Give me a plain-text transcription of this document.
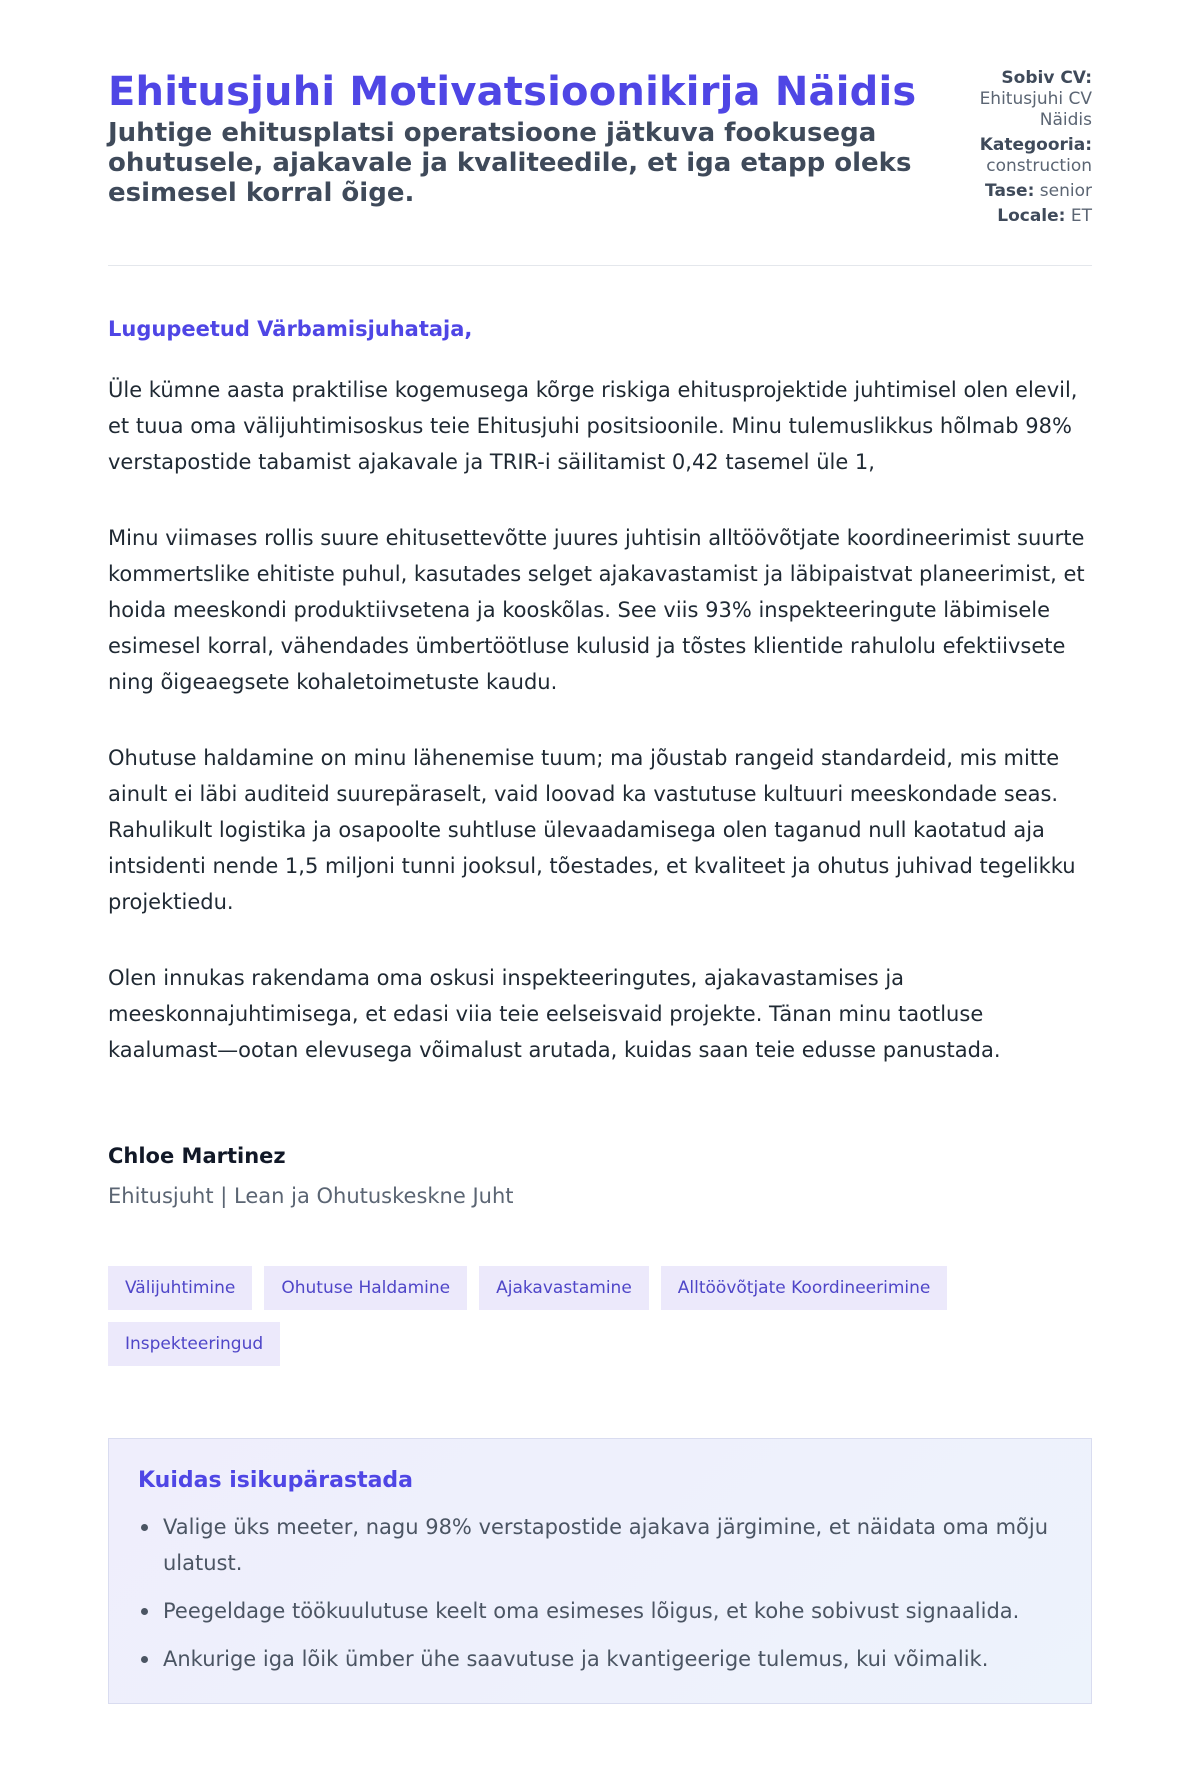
Ehitusjuhi Motivatsioonikirja Näidis

Juhtige ehitusplatsi operatsioone jätkuva fookusega ohutusele, ajakavale ja kvaliteedile, et iga etapp oleks esimesel korral õige.

Sobiv CV:
Ehitusjuhi CV Näidis
Kategooria:
construction
Tase: senior
Locale: ET

Lugupeetud Värbamisjuhataja,

Üle kümne aasta praktilise kogemusega kõrge riskiga ehitusprojektide juhtimisel olen elevil, et tuua oma välijuhtimisoskus teie Ehitusjuhi positsioonile. Minu tulemuslikkus hõlmab 98% verstapostide tabamist ajakavale ja TRIR-i säilitamist 0,42 tasemel üle 1,

Minu viimases rollis suure ehitusettevõtte juures juhtisin alltöövõtjate koordineerimist suurte kommertslike ehitiste puhul, kasutades selget ajakavastamist ja läbipaistvat planeerimist, et hoida meeskondi produktiivsetena ja kooskõlas. See viis 93% inspekteeringute läbimisele esimesel korral, vähendades ümbertöötluse kulusid ja tõstes klientide rahulolu efektiivsete ning õigeaegsete kohaletoimetuste kaudu.

Ohutuse haldamine on minu lähenemise tuum; ma jõustab rangeid standardeid, mis mitte ainult ei läbi auditeid suurepäraselt, vaid loovad ka vastutuse kultuuri meeskondade seas. Rahulikult logistika ja osapoolte suhtluse ülevaadamisega olen taganud null kaotatud aja intsidenti nende 1,5 miljoni tunni jooksul, tõestades, et kvaliteet ja ohutus juhivad tegelikku projektiedu.

Olen innukas rakendama oma oskusi inspekteeringutes, ajakavastamises ja meeskonnajuhtimisega, et edasi viia teie eelseisvaid projekte. Tänan minu taotluse kaalumast—ootan elevusega võimalust arutada, kuidas saan teie edusse panustada.

Chloe Martinez
Ehitusjuht | Lean ja Ohutuskeskne Juht
Välijuhtimine	Ohutuse Haldamine	Ajakavastamine	Alltöövõtjate Koordineerimine
Inspekteeringud
Kuidas isikupärastada
Valige üks meeter, nagu 98% verstapostide ajakava järgimine, et näidata oma mõju ulatust.
Peegeldage töökuulutuse keelt oma esimeses lõigus, et kohe sobivust signaalida.
Ankurige iga lõik ümber ühe saavutuse ja kvantigeerige tulemus, kui võimalik.
